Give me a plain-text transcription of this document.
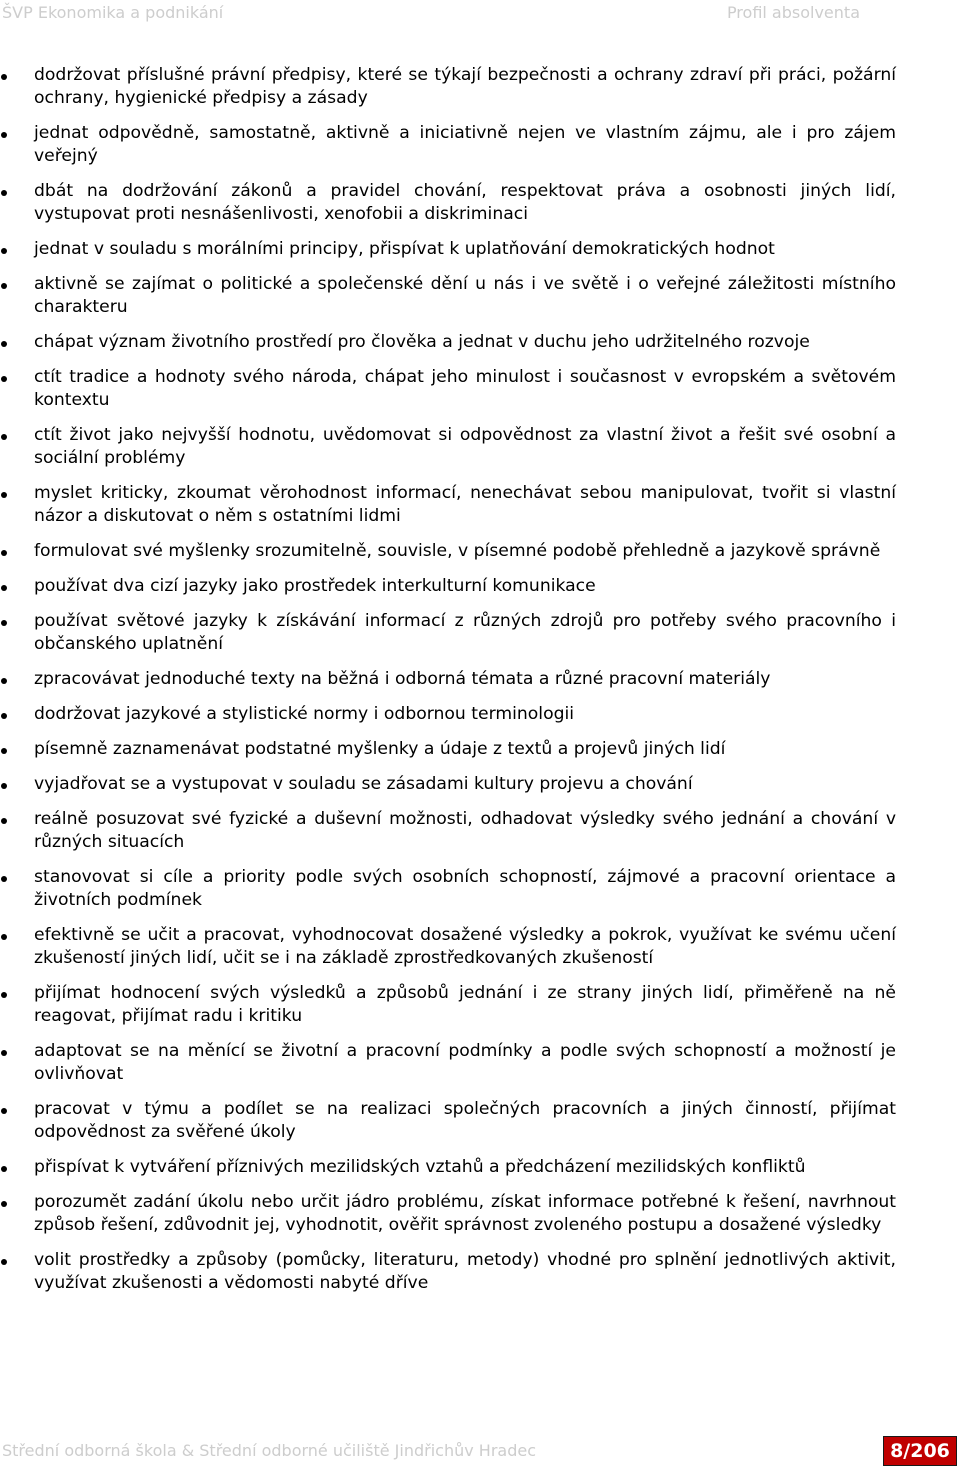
ŠVP Ekonomika a podnikání	Profil absolventa
dodržovat příslušné právní předpisy, které se týkají bezpečnosti a ochrany zdraví při práci, požární ochrany, hygienické předpisy a zásady
jednat odpovědně, samostatně, aktivně a iniciativně nejen ve vlastním zájmu, ale i pro zájem veřejný
dbát na dodržování zákonů a pravidel chování, respektovat práva a osobnosti jiných lidí, vystupovat proti nesnášenlivosti, xenofobii a diskriminaci
jednat v souladu s morálními principy, přispívat k uplatňování demokratických hodnot
aktivně se zajímat o politické a společenské dění u nás i ve světě i o veřejné záležitosti místního charakteru
chápat význam životního prostředí pro člověka a jednat v duchu jeho udržitelného rozvoje
ctít tradice a hodnoty svého národa, chápat jeho minulost i současnost v evropském a světovém kontextu
ctít život jako nejvyšší hodnotu, uvědomovat si odpovědnost za vlastní život a řešit své osobní a sociální problémy
myslet kriticky, zkoumat věrohodnost informací, nenechávat sebou manipulovat, tvořit si vlastní názor a diskutovat o něm s ostatními lidmi
formulovat své myšlenky srozumitelně, souvisle, v písemné podobě přehledně a jazykově správně
používat dva cizí jazyky jako prostředek interkulturní komunikace
používat světové jazyky k získávání informací z různých zdrojů pro potřeby svého pracovního i občanského uplatnění
zpracovávat jednoduché texty na běžná i odborná témata a různé pracovní materiály
dodržovat jazykové a stylistické normy i odbornou terminologii
písemně zaznamenávat podstatné myšlenky a údaje z textů a projevů jiných lidí
vyjadřovat se a vystupovat v souladu se zásadami kultury projevu a chování
reálně posuzovat své fyzické a duševní možnosti, odhadovat výsledky svého jednání a chování v různých situacích
stanovovat si cíle a priority podle svých osobních schopností, zájmové a pracovní orientace a životních podmínek
efektivně se učit a pracovat, vyhodnocovat dosažené výsledky a pokrok, využívat ke svému učení zkušeností jiných lidí, učit se i na základě zprostředkovaných zkušeností
přijímat hodnocení svých výsledků a způsobů jednání i ze strany jiných lidí, přiměřeně na ně reagovat, přijímat radu i kritiku
adaptovat se na měnící se životní a pracovní podmínky a podle svých schopností a možností je ovlivňovat
pracovat v týmu a podílet se na realizaci společných pracovních a jiných činností, přijímat odpovědnost za svěřené úkoly
přispívat k vytváření příznivých mezilidských vztahů a předcházení mezilidských konfliktů
porozumět zadání úkolu nebo určit jádro problému, získat informace potřebné k řešení, navrhnout způsob řešení, zdůvodnit jej, vyhodnotit, ověřit správnost zvoleného postupu a dosažené výsledky
volit prostředky a způsoby (pomůcky, literaturu, metody) vhodné pro splnění jednotlivých aktivit, využívat zkušenosti a vědomosti nabyté dříve
Střední odborná škola & Střední odborné učiliště Jindřichův Hradec	8/206
